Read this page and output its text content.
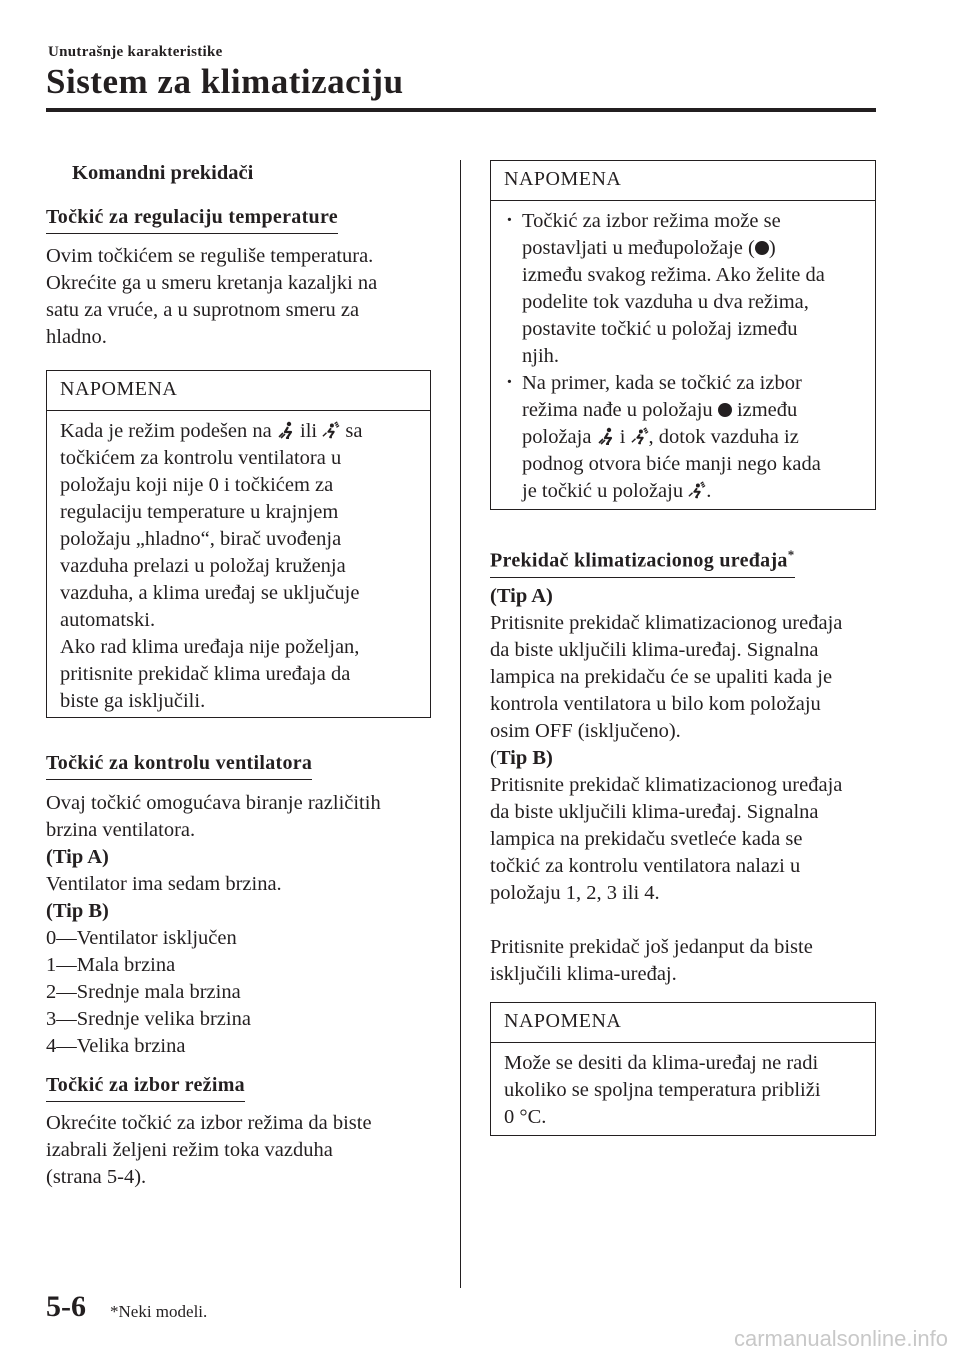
Unutrašnje karakteristike
Sistem za klimatizaciju
Komandni prekidači
Točkić za regulaciju temperature
Ovim točkićem se reguliše temperatura.
Okrećite ga u smeru kretanja kazaljki na
satu za vruće, a u suprotnom smeru za
hladno.
NAPOMENA
Kada je režim podešen na  ili  sa
točkićem za kontrolu ventilatora u
položaju koji nije 0 i točkićem za
regulaciju temperature u krajnjem
položaju „hladno“, birač uvođenja
vazduha prelazi u položaj kruženja
vazduha, a klima uređaj se uključuje
automatski.
Ako rad klima uređaja nije poželjan,
pritisnite prekidač klima uređaja da
biste ga isključili.
Točkić za kontrolu ventilatora
Ovaj točkić omogućava biranje različitih
brzina ventilatora.
(Tip A)
Ventilator ima sedam brzina.
(Tip B)
0―Ventilator isključen
1―Mala brzina
2―Srednje mala brzina
3―Srednje velika brzina
4―Velika brzina
Točkić za izbor režima
Okrećite točkić za izbor režima da biste
izabrali željeni režim toka vazduha
(strana 5-4).
NAPOMENA
· Točkić za izbor režima može se
postavljati u međupoložaje ( )
između svakog režima. Ako želite da
podelite tok vazduha u dva režima,
postavite točkić u položaj između
njih.
· Na primer, kada se točkić za izbor
režima nađe u položaju  između
položaja  i , dotok vazduha iz
podnog otvora biće manji nego kada
je točkić u položaju .
Prekidač klimatizacionog uređaja*
(Tip A)
Pritisnite prekidač klimatizacionog uređaja
da biste uključili klima-uređaj. Signalna
lampica na prekidaču će se upaliti kada je
kontrola ventilatora u bilo kom položaju
osim OFF (isključeno).
(Tip B)
Pritisnite prekidač klimatizacionog uređaja
da biste uključili klima-uređaj. Signalna
lampica na prekidaču svetleće kada se
točkić za kontrolu ventilatora nalazi u
položaju 1, 2, 3 ili 4.
Pritisnite prekidač još jedanput da biste
isključili klima-uređaj.
NAPOMENA
Može se desiti da klima-uređaj ne radi
ukoliko se spoljna temperatura približi
0 °C.
5-6 *Neki modeli.
carmanualsonline.info
